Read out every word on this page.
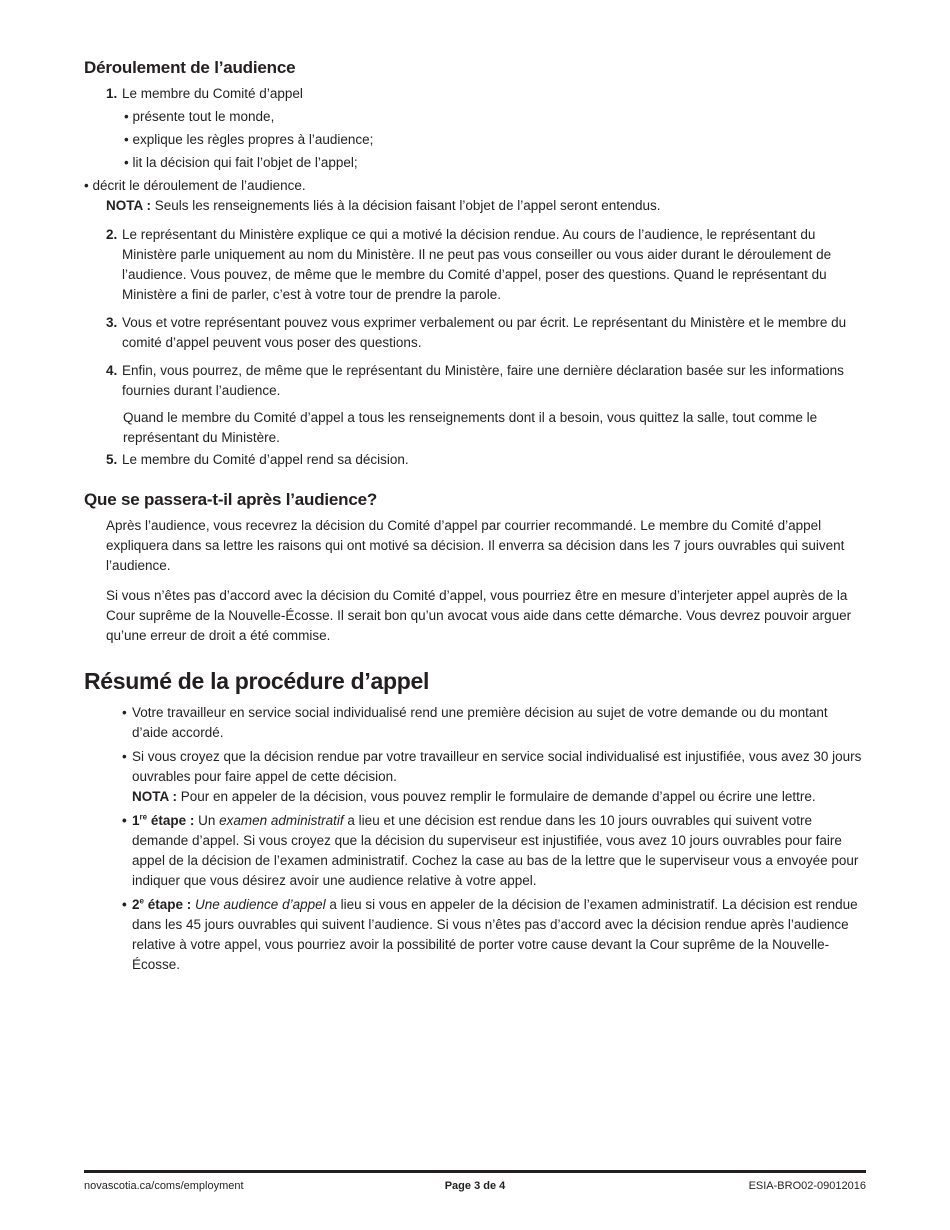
Déroulement de l’audience
1. Le membre du Comité d’appel
• présente tout le monde,
• explique les règles propres à l’audience;
• lit la décision qui fait l’objet de l’appel;
• décrit le déroulement de l’audience.
NOTA : Seuls les renseignements liés à la décision faisant l’objet de l’appel seront entendus.
2. Le représentant du Ministère explique ce qui a motivé la décision rendue. Au cours de l’audience, le représentant du Ministère parle uniquement au nom du Ministère. Il ne peut pas vous conseiller ou vous aider durant le déroulement de l’audience. Vous pouvez, de même que le membre du Comité d’appel, poser des questions. Quand le représentant du Ministère a fini de parler, c’est à votre tour de prendre la parole.
3. Vous et votre représentant pouvez vous exprimer verbalement ou par écrit. Le représentant du Ministère et le membre du comité d’appel peuvent vous poser des questions.
4. Enfin, vous pourrez, de même que le représentant du Ministère, faire une dernière déclaration basée sur les informations fournies durant l’audience.
Quand le membre du Comité d’appel a tous les renseignements dont il a besoin, vous quittez la salle, tout comme le représentant du Ministère.
5. Le membre du Comité d’appel rend sa décision.
Que se passera-t-il après l’audience?
Après l’audience, vous recevrez la décision du Comité d’appel par courrier recommandé. Le membre du Comité d’appel expliquera dans sa lettre les raisons qui ont motivé sa décision. Il enverra sa décision dans les 7 jours ouvrables qui suivent l’audience.
Si vous n’êtes pas d’accord avec la décision du Comité d’appel, vous pourriez être en mesure d’interjeter appel auprès de la Cour suprême de la Nouvelle-Écosse. Il serait bon qu’un avocat vous aide dans cette démarche. Vous devrez pouvoir arguer qu’une erreur de droit a été commise.
Résumé de la procédure d’appel
• Votre travailleur en service social individualisé rend une première décision au sujet de votre demande ou du montant d’aide accordé.
• Si vous croyez que la décision rendue par votre travailleur en service social individualisé est injustifiée, vous avez 30 jours ouvrables pour faire appel de cette décision.
NOTA : Pour en appeler de la décision, vous pouvez remplir le formulaire de demande d’appel ou écrire une lettre.
• 1re étape : Un examen administratif a lieu et une décision est rendue dans les 10 jours ouvrables qui suivent votre demande d’appel. Si vous croyez que la décision du superviseur est injustifiée, vous avez 10 jours ouvrables pour faire appel de la décision de l’examen administratif. Cochez la case au bas de la lettre que le superviseur vous a envoyée pour indiquer que vous désirez avoir une audience relative à votre appel.
• 2e étape : Une audience d’appel a lieu si vous en appeler de la décision de l’examen administratif. La décision est rendue dans les 45 jours ouvrables qui suivent l’audience. Si vous n’êtes pas d’accord avec la décision rendue après l’audience relative à votre appel, vous pourriez avoir la possibilité de porter votre cause devant la Cour suprême de la Nouvelle-Écosse.
novascotia.ca/coms/employment	Page 3 de 4	ESIA-BRO02-09012016
